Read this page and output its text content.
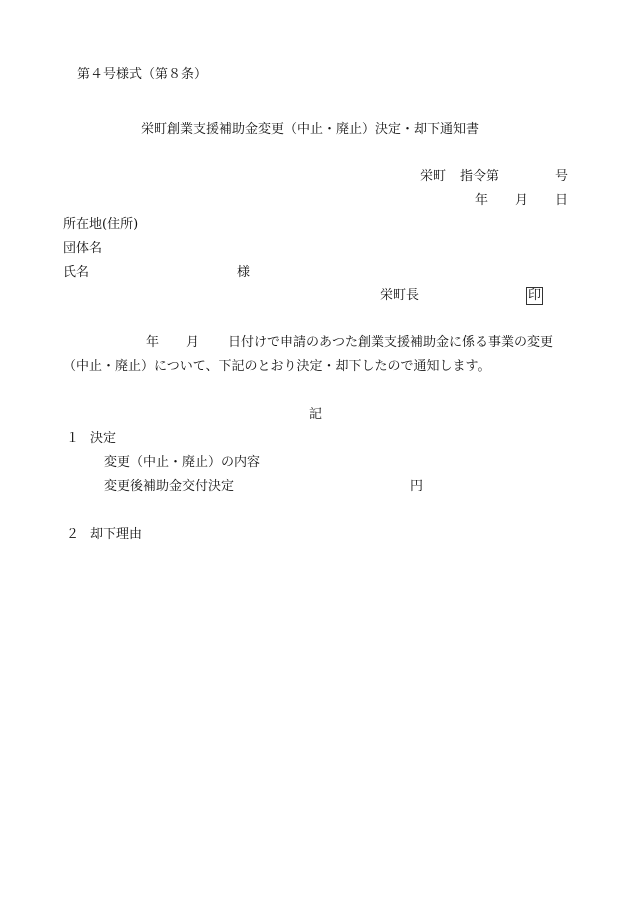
第４号様式（第８条）
栄町創業支援補助金変更（中止・廃止）決定・却下通知書
栄町 指令第	号
年 月 日
所在地(住所)
団体名
氏名	様
栄町長	印
年 月 日付けで申請のあつた創業支援補助金に係る事業の変更
（中止・廃止）について、下記のとおり決定・却下したので通知します。
記
１ 決定
変更（中止・廃止）の内容
変更後補助金交付決定	円
２ 却下理由
